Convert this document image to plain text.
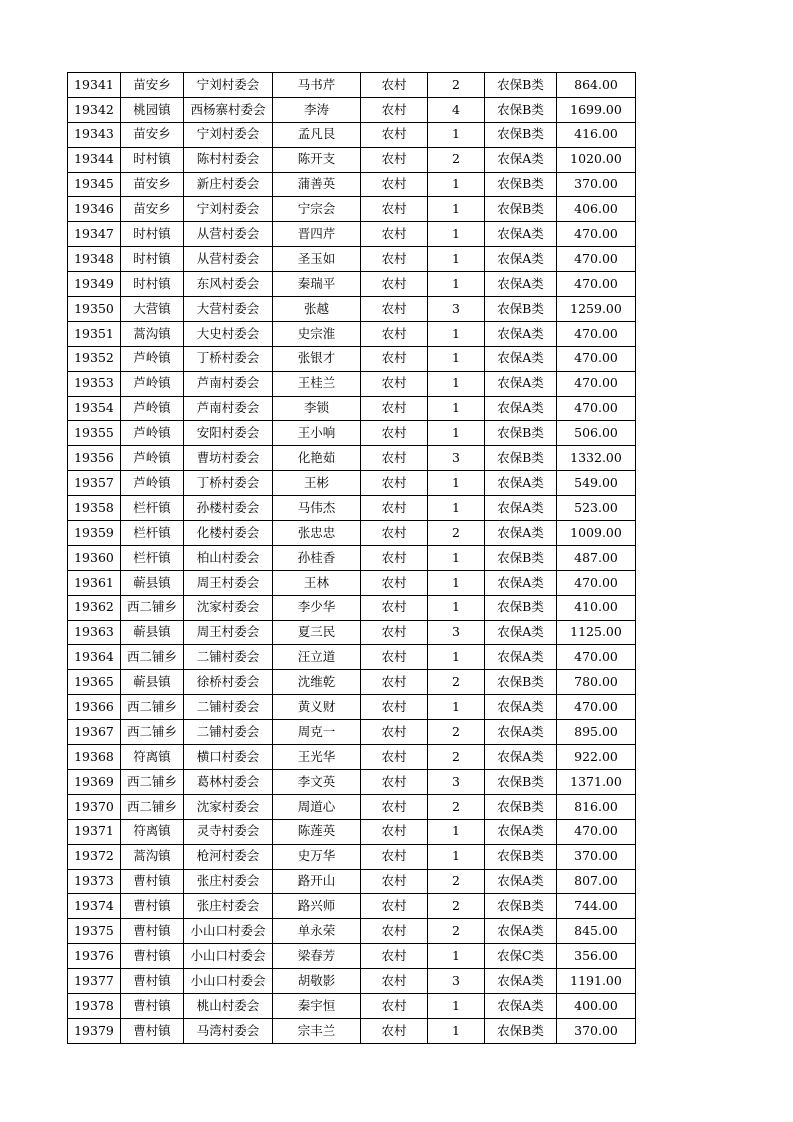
19341	苗安乡	宁刘村委会	马书芹	农村	2	农保B类	864.00
19342	桃园镇	西杨寨村委会	李涛	农村	4	农保B类	1699.00
19343	苗安乡	宁刘村委会	孟凡艮	农村	1	农保B类	416.00
19344	时村镇	陈村村委会	陈开支	农村	2	农保A类	1020.00
19345	苗安乡	新庄村委会	蒲善英	农村	1	农保B类	370.00
19346	苗安乡	宁刘村委会	宁宗会	农村	1	农保B类	406.00
19347	时村镇	从营村委会	晋四芹	农村	1	农保A类	470.00
19348	时村镇	从营村委会	圣玉如	农村	1	农保A类	470.00
19349	时村镇	东风村委会	秦瑞平	农村	1	农保A类	470.00
19350	大营镇	大营村委会	张越	农村	3	农保B类	1259.00
19351	蒿沟镇	大史村委会	史宗淮	农村	1	农保A类	470.00
19352	芦岭镇	丁桥村委会	张银才	农村	1	农保A类	470.00
19353	芦岭镇	芦南村委会	王桂兰	农村	1	农保A类	470.00
19354	芦岭镇	芦南村委会	李锁	农村	1	农保A类	470.00
19355	芦岭镇	安阳村委会	王小响	农村	1	农保B类	506.00
19356	芦岭镇	曹坊村委会	化艳茹	农村	3	农保B类	1332.00
19357	芦岭镇	丁桥村委会	王彬	农村	1	农保A类	549.00
19358	栏杆镇	孙楼村委会	马伟杰	农村	1	农保A类	523.00
19359	栏杆镇	化楼村委会	张忠忠	农村	2	农保A类	1009.00
19360	栏杆镇	柏山村委会	孙桂香	农村	1	农保B类	487.00
19361	蕲县镇	周王村委会	王林	农村	1	农保A类	470.00
19362	西二铺乡	沈家村委会	李少华	农村	1	农保B类	410.00
19363	蕲县镇	周王村委会	夏三民	农村	3	农保A类	1125.00
19364	西二铺乡	二铺村委会	汪立道	农村	1	农保A类	470.00
19365	蕲县镇	徐桥村委会	沈维乾	农村	2	农保B类	780.00
19366	西二铺乡	二铺村委会	黄义财	农村	1	农保A类	470.00
19367	西二铺乡	二铺村委会	周克一	农村	2	农保A类	895.00
19368	符离镇	横口村委会	王光华	农村	2	农保A类	922.00
19369	西二铺乡	葛林村委会	李文英	农村	3	农保B类	1371.00
19370	西二铺乡	沈家村委会	周道心	农村	2	农保B类	816.00
19371	符离镇	灵寺村委会	陈莲英	农村	1	农保A类	470.00
19372	蒿沟镇	枪河村委会	史万华	农村	1	农保B类	370.00
19373	曹村镇	张庄村委会	路开山	农村	2	农保A类	807.00
19374	曹村镇	张庄村委会	路兴师	农村	2	农保B类	744.00
19375	曹村镇	小山口村委会	单永荣	农村	2	农保A类	845.00
19376	曹村镇	小山口村委会	梁春芳	农村	1	农保C类	356.00
19377	曹村镇	小山口村委会	胡敬影	农村	3	农保A类	1191.00
19378	曹村镇	桃山村委会	秦宇恒	农村	1	农保A类	400.00
19379	曹村镇	马湾村委会	宗丰兰	农村	1	农保B类	370.00
